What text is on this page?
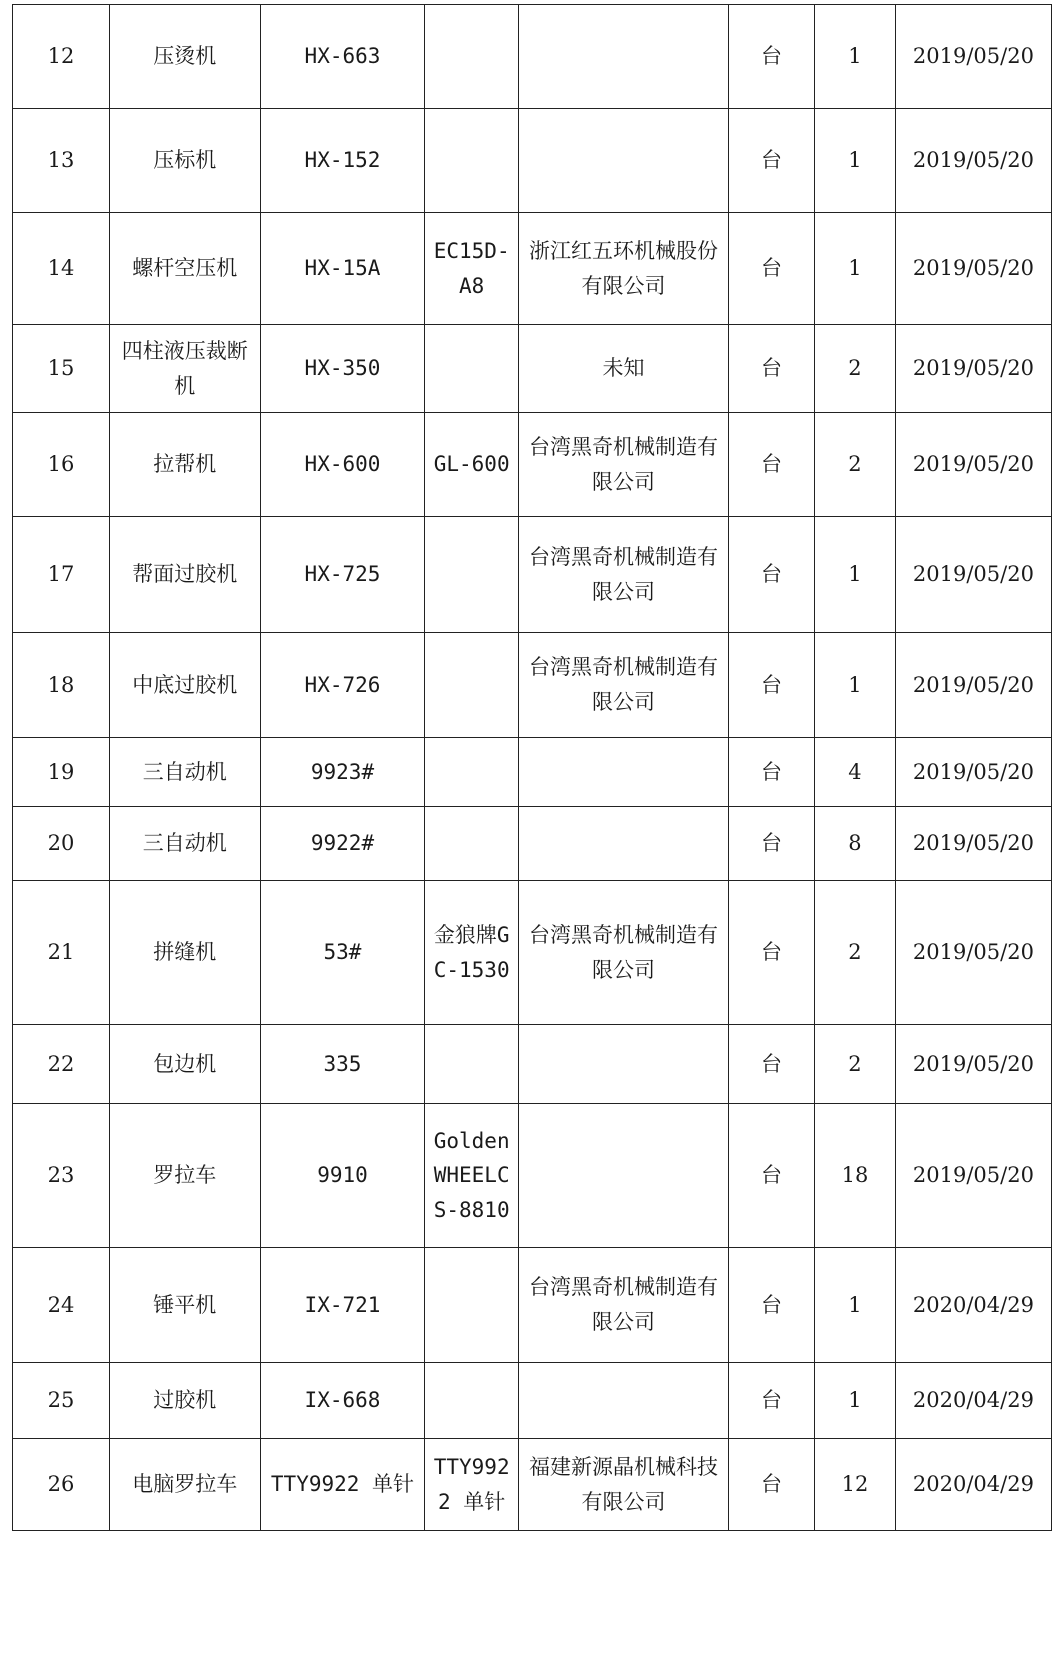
12	压烫机	HX-663			台	1	2019/05/20
13	压标机	HX-152			台	1	2019/05/20
14	螺杆空压机	HX-15A	EC15D-A8	浙江红五环机械股份有限公司	台	1	2019/05/20
15	四柱液压裁断机	HX-350		未知	台	2	2019/05/20
16	拉帮机	HX-600	GL-600	台湾黑奇机械制造有限公司	台	2	2019/05/20
17	帮面过胶机	HX-725		台湾黑奇机械制造有限公司	台	1	2019/05/20
18	中底过胶机	HX-726		台湾黑奇机械制造有限公司	台	1	2019/05/20
19	三自动机	9923#			台	4	2019/05/20
20	三自动机	9922#			台	8	2019/05/20
21	拼缝机	53#	金狼牌GC-1530	台湾黑奇机械制造有限公司	台	2	2019/05/20
22	包边机	335			台	2	2019/05/20
23	罗拉车	9910	GoldenWHEELCS-8810		台	18	2019/05/20
24	锤平机	IX-721		台湾黑奇机械制造有限公司	台	1	2020/04/29
25	过胶机	IX-668			台	1	2020/04/29
26	电脑罗拉车	TTY9922 单针	TTY9922 单针	福建新源晶机械科技有限公司	台	12	2020/04/29
